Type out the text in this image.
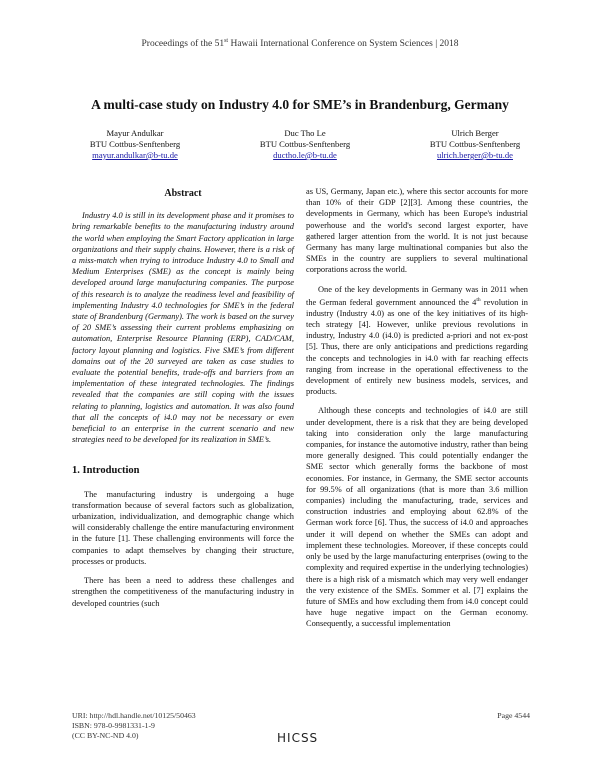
Proceedings of the 51st Hawaii International Conference on System Sciences | 2018
A multi-case study on Industry 4.0 for SME’s in Brandenburg, Germany
Mayur Andulkar
BTU Cottbus-Senftenberg
mayur.andulkar@b-tu.de
Duc Tho Le
BTU Cottbus-Senftenberg
ductho.le@b-tu.de
Ulrich Berger
BTU Cottbus-Senftenberg
ulrich.berger@b-tu.de
Abstract

Industry 4.0 is still in its development phase and it promises to bring remarkable benefits to the manufacturing industry around the world when employing the Smart Factory application in large organizations and their supply chains. However, there is a risk of a miss-match when trying to introduce Industry 4.0 to Small and Medium Enterprises (SME) as the concept is mainly being developed around large manufacturing companies. The purpose of this research is to analyze the readiness level and feasibility of implementing Industry 4.0 technologies for SME’s in the federal state of Brandenburg (Germany). The work is based on the survey of 20 SME’s assessing their current problems emphasizing on automation, Enterprise Resource Planning (ERP), CAD/CAM, factory layout planning and logistics. Five SME’s from different domains out of the 20 surveyed are taken as case studies to evaluate the potential benefits, trade-offs and barriers from an implementation of these integrated technologies. The findings revealed that the companies are still coping with the issues relating to planning, logistics and automation. It was also found that all the concepts of i4.0 may not be necessary or even beneficial to an enterprise in the current scenario and new strategies need to be developed for its realization in SME’s.

1. Introduction

The manufacturing industry is undergoing a huge transformation because of several factors such as globalization, urbanization, individualization, and demographic change which will considerably challenge the entire manufacturing environment in the future [1]. These challenging environments will force the companies to adapt themselves by changing their structure, processes or products.

There has been a need to address these challenges and strengthen the competitiveness of the manufacturing industry in developed countries (such

as US, Germany, Japan etc.), where this sector accounts for more than 10% of their GDP [2][3]. Among these countries, the developments in Germany, which has been Europe's industrial powerhouse and the world's second largest exporter, have gathered larger attention from the world. It is not just because Germany has many large multinational companies but also the SMEs in the country are suppliers to several multinational corporations across the world.

One of the key developments in Germany was in 2011 when the German federal government announced the 4th revolution in industry (Industry 4.0) as one of the key initiatives of its high-tech strategy [4]. However, unlike previous revolutions in industry, Industry 4.0 (i4.0) is predicted a-priori and not ex-post [5]. Thus, there are only anticipations and predictions regarding the concepts and technologies in i4.0 with far reaching effects ranging from increase in the operational effectiveness to the development of entirely new business models, services, and products.

Although these concepts and technologies of i4.0 are still under development, there is a risk that they are being developed taking into consideration only the large manufacturing companies, for instance the automotive industry, rather than being more generally designed. This could potentially endanger the SME sector which generally forms the backbone of most economies. For instance, in Germany, the SME sector accounts for 99.5% of all organizations (that is more than 3.6 million companies) including the manufacturing, trade, services and construction industries and employing about 62.8% of the German work force [6]. Thus, the success of i4.0 and approaches under it will depend on whether the SMEs can adopt and implement these technologies. Moreover, if these concepts could only be used by the large manufacturing enterprises (owing to the complexity and required expertise in the underlying technologies) there is a high risk of a mismatch which may very well endanger the very existence of the SMEs. Sommer et al. [7] explains the future of SMEs and how excluding them from i4.0 concept could have huge negative impact on the German economy. Consequently, a successful implementation

URI: http://hdl.handle.net/10125/50463
ISBN: 978-0-9981331-1-9
(CC BY-NC-ND 4.0)
Page 4544
HICSS
